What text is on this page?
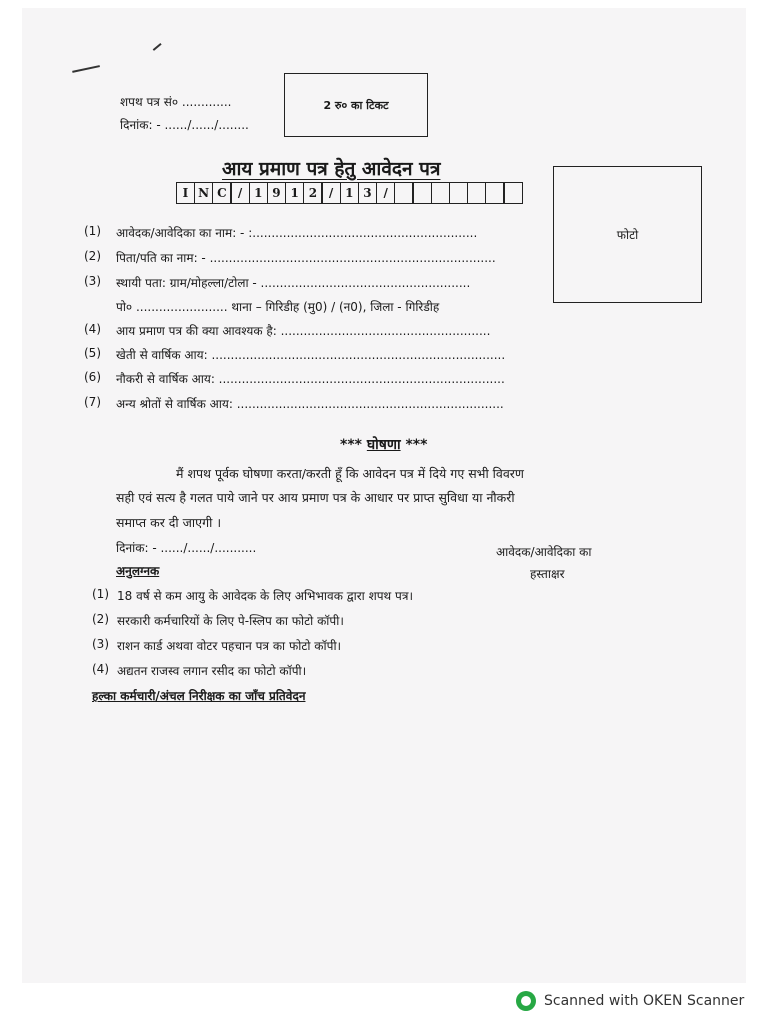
शपथ पत्र सं० .............
दिनांक: - ....../....../........
2 रु० का टिकट
आय प्रमाण पत्र हेतु आवेदन पत्र
I N C / 1 9 1 2 / 1 3 /
फोटो
(1) आवेदक/आवेदिका का नाम: - :...........................................................
(2) पिता/पति का नाम: - ...........................................................................
(3) स्थायी पता: ग्राम/मोहल्ला/टोला - .......................................................
पो० ........................ थाना – गिरिडीह (मु0) / (न0), जिला - गिरिडीह
(4) आय प्रमाण पत्र की क्या आवश्यक है: .......................................................
(5) खेती से वार्षिक आय: .............................................................................
(6) नौकरी से वार्षिक आय: ...........................................................................
(7) अन्य श्रोतों से वार्षिक आय: ......................................................................
*** घोषणा ***
मैं शपथ पूर्वक घोषणा करता/करती हूँ कि आवेदन पत्र में दिये गए सभी विवरण
सही एवं सत्य है गलत पाये जाने पर आय प्रमाण पत्र के आधार पर प्राप्त सुविधा या नौकरी
समाप्त कर दी जाएगी ।
दिनांक: - ....../....../...........	आवेदक/आवेदिका का
हस्ताक्षर
अनुलग्नक
(1) 18 वर्ष से कम आयु के आवेदक के लिए अभिभावक द्वारा शपथ पत्र।
(2) सरकारी कर्मचारियों के लिए पे-स्लिप का फोटो कॉपी।
(3) राशन कार्ड अथवा वोटर पहचान पत्र का फोटो कॉपी।
(4) अद्यतन राजस्व लगान रसीद का फोटो कॉपी।
हल्का कर्मचारी/अंचल निरीक्षक का जाँच प्रतिवेदन
Scanned with OKEN Scanner
